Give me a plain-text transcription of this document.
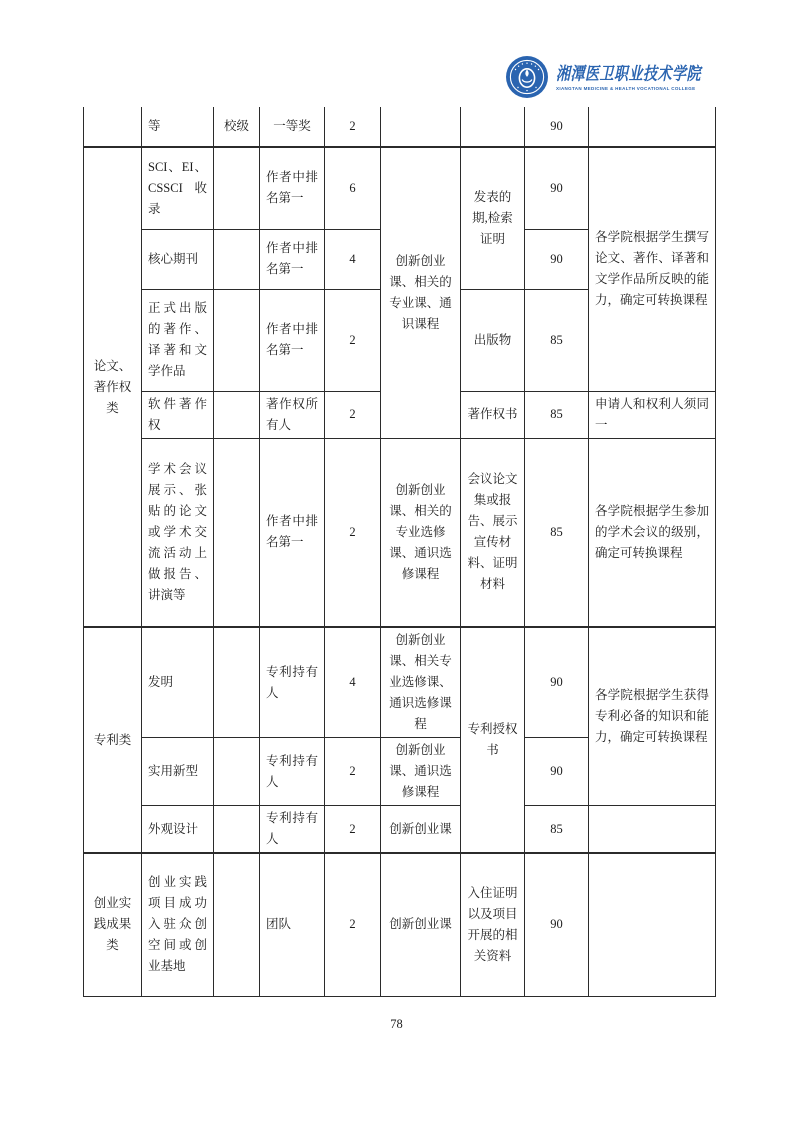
湘潭医卫职业技术学院
XIANGTAN MEDICINE & HEALTH VOCATIONAL COLLEGE
	等	校级	一等奖	2			90	
论文、著作权类	SCI、EI、CSSCI收录		作者中排名第一	6	创新创业课、相关的专业课、通识课程	发表的期,检索证明	90	各学院根据学生撰写论文、著作、译著和文学作品所反映的能力，确定可转换课程
	核心期刊		作者中排名第一	4			90	
	正式出版的著作、译著和文学作品		作者中排名第一	2		出版物	85	
	软件著作权		著作权所有人	2		著作权书	85	申请人和权利人须同一
	学术会议展示、张贴的论文或学术交流活动上做报告、讲演等		作者中排名第一	2	创新创业课、相关的专业选修课、通识选修课程	会议论文集或报告、展示宣传材料、证明材料	85	各学院根据学生参加的学术会议的级别，确定可转换课程
专利类	发明		专利持有人	4	创新创业课、相关专业选修课、通识选修课程	专利授权书	90	各学院根据学生获得专利必备的知识和能力，确定可转换课程
	实用新型		专利持有人	2	创新创业课、通识选修课程		90	
	外观设计		专利持有人	2	创新创业课		85	
创业实践成果类	创业实践项目成功入驻众创空间或创业基地		团队	2	创新创业课	入住证明以及项目开展的相关资料	90	
78
